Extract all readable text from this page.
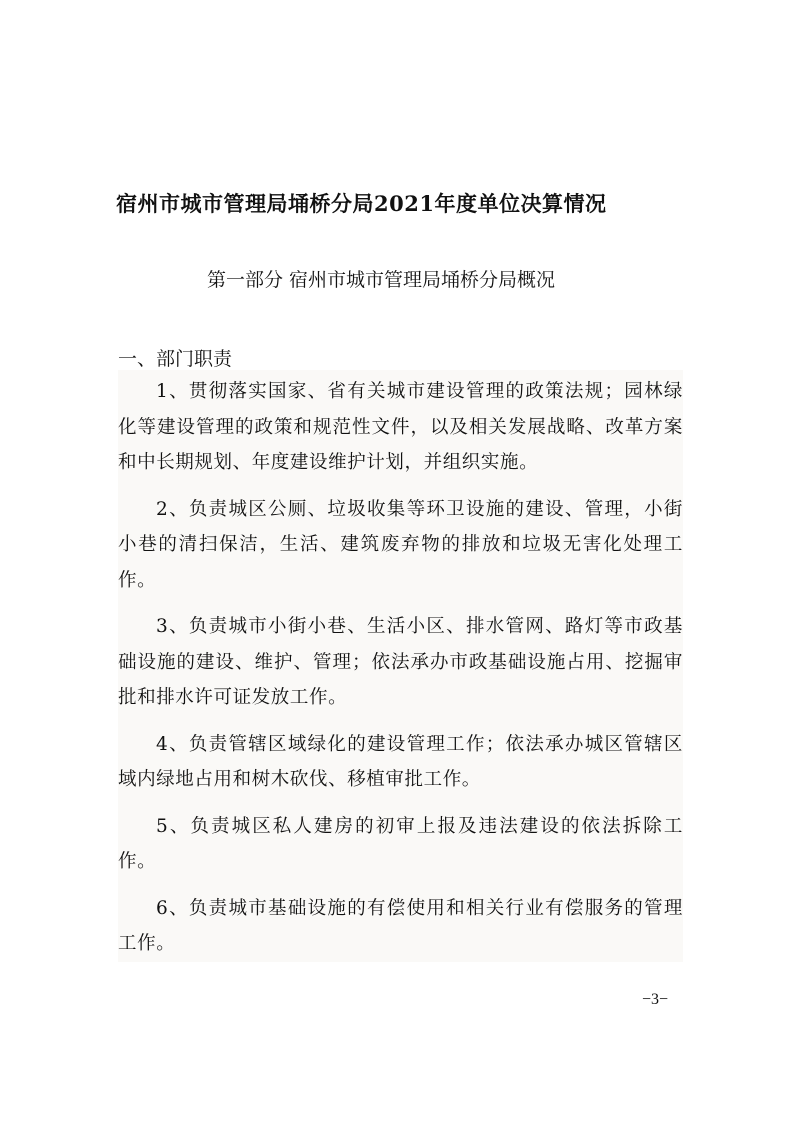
宿州市城市管理局埇桥分局2021年度单位决算情况
第一部分 宿州市城市管理局埇桥分局概况
一、部门职责

1、贯彻落实国家、省有关城市建设管理的政策法规；园林绿化等建设管理的政策和规范性文件，以及相关发展战略、改革方案和中长期规划、年度建设维护计划，并组织实施。

2、负责城区公厕、垃圾收集等环卫设施的建设、管理，小街小巷的清扫保洁，生活、建筑废弃物的排放和垃圾无害化处理工作。

3、负责城市小街小巷、生活小区、排水管网、路灯等市政基础设施的建设、维护、管理；依法承办市政基础设施占用、挖掘审批和排水许可证发放工作。

4、负责管辖区域绿化的建设管理工作；依法承办城区管辖区域内绿地占用和树木砍伐、移植审批工作。

5、负责城区私人建房的初审上报及违法建设的依法拆除工作。

6、负责城市基础设施的有偿使用和相关行业有偿服务的管理工作。

−3−
